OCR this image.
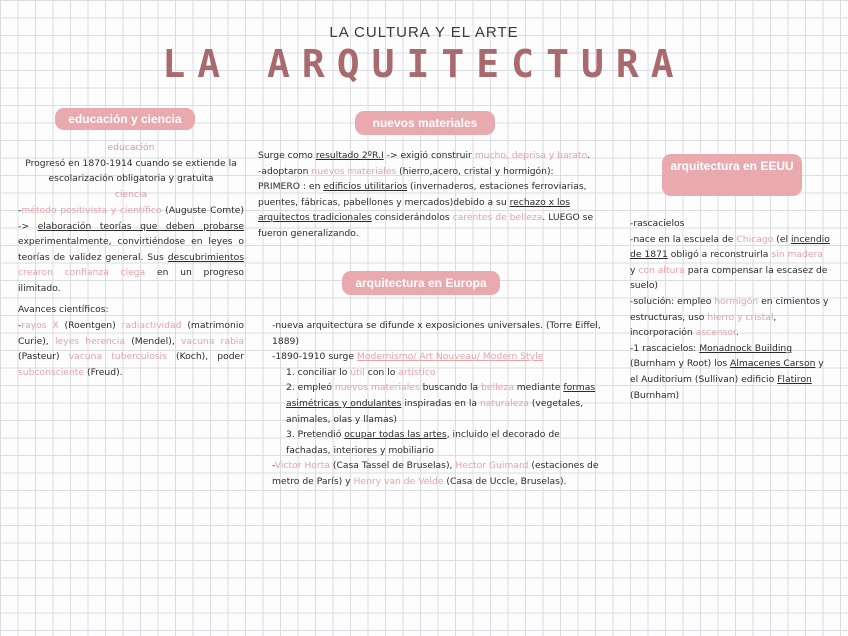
LA CULTURA Y EL ARTE
LA ARQUITECTURA
educación y ciencia
educación
Progresó en 1870-1914 cuando se extiende la escolarización obligatoria y gratuita
ciencia
-método positivista y científico (Auguste Comte) -> elaboración teorías que deben probarse experimentalmente, convirtiéndose en leyes o teorías de validez general. Sus descubrimientos crearon confianza ciega en un progreso ilimitado.
Avances científicos:
-rayos X (Roentgen) radiactividad (matrimonio Curie), leyes herencia (Mendel), vacuna rabia (Pasteur) vacuna tuberculosis (Koch), poder subconsciente (Freud).
nuevos materiales
Surge como resultado 2ºR.I -> exigió construir mucho, deprisa y barato.
-adoptaron nuevos materiales (hierro,acero, cristal y hormigón):
PRIMERO : en edificios utilitarios (invernaderos, estaciones ferroviarias, puentes, fábricas, pabellones y mercados)debido a su rechazo x los arquitectos tradicionales considerándolos carentes de belleza. LUEGO se fueron generalizando.
arquitectura en Europa
-nueva arquitectura se difunde x exposiciones universales. (Torre Eiffel, 1889)
-1890-1910 surge Modernismo/ Art Nouveau/ Modern Style
1. conciliar lo útil con lo artístico
2. empleó nuevos materiales buscando la belleza mediante formas asimétricas y ondulantes inspiradas en la naturaleza (vegetales, animales, olas y llamas)
3. Pretendió ocupar todas las artes, incluido el decorado de fachadas, interiores y mobiliario
-Victor Horta (Casa Tassel de Bruselas), Hector Guimard (estaciones de metro de París) y Henry van de Velde (Casa de Uccle, Bruselas).
arquitectura en EEUU
-rascacielos
-nace en la escuela de Chicago (el incendio de 1871 obligó a reconstruirla sin madera y con altura para compensar la escasez de suelo)
-solución: empleo hormigón en cimientos y estructuras, uso hierro y cristal, incorporación ascensor.
-1 rascacielos: Monadnock Building (Burnham y Root) los Almacenes Carson y el Auditorium (Sullivan) edificio Flatiron (Burnham)
